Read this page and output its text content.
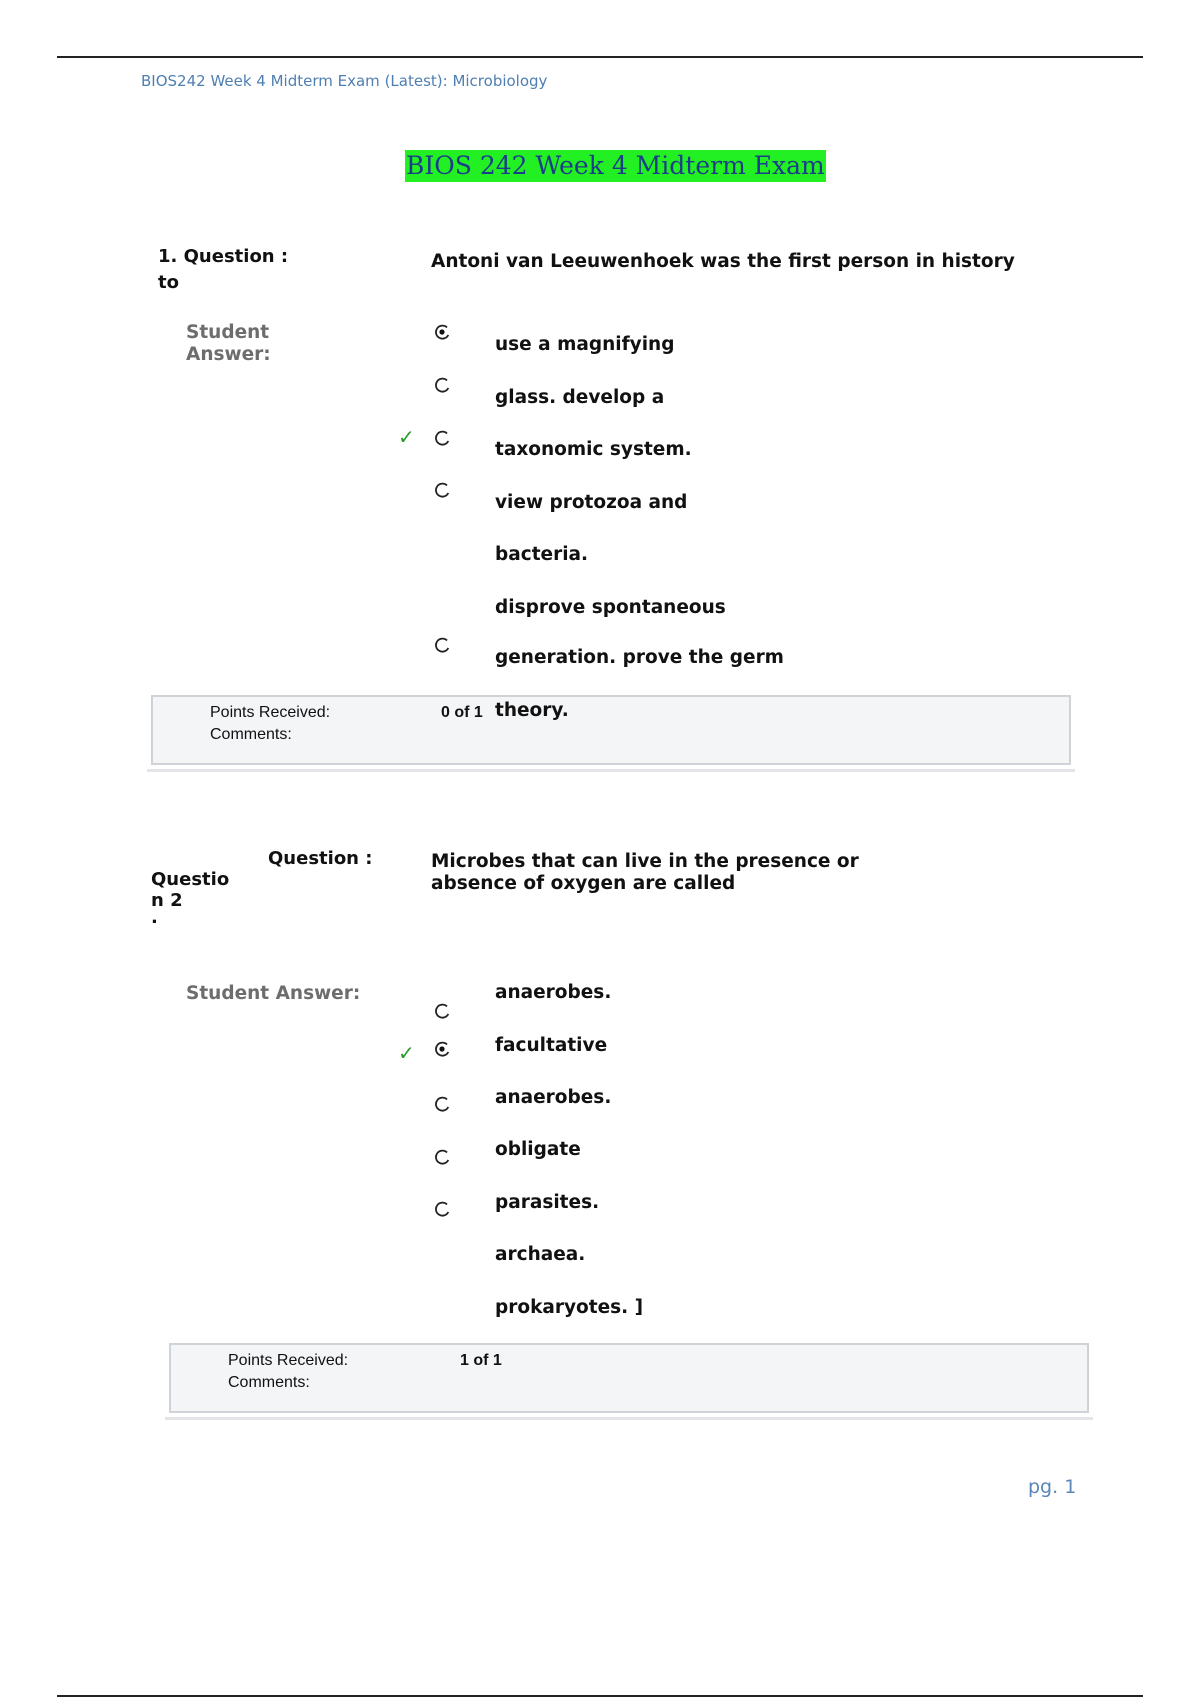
BIOS242 Week 4 Midterm Exam (Latest): Microbiology
BIOS 242 Week 4 Midterm Exam
1. Question :
to
Antoni van Leeuwenhoek was the first person in history
Student
Answer:
✓
use a magnifying
glass. develop a
taxonomic system.
Points Received:
Comments:
0 of 1
view protozoa and
bacteria.
disprove spontaneous
generation. prove the germ
theory.
Question :
Questio
n 2
.
Microbes that can live in the presence or absence of oxygen are called
Student Answer:
✓
anaerobes.
facultative
anaerobes.
obligate
parasites.
archaea.
prokaryotes. ]
Points Received:
Comments:
1 of 1
pg. 1
